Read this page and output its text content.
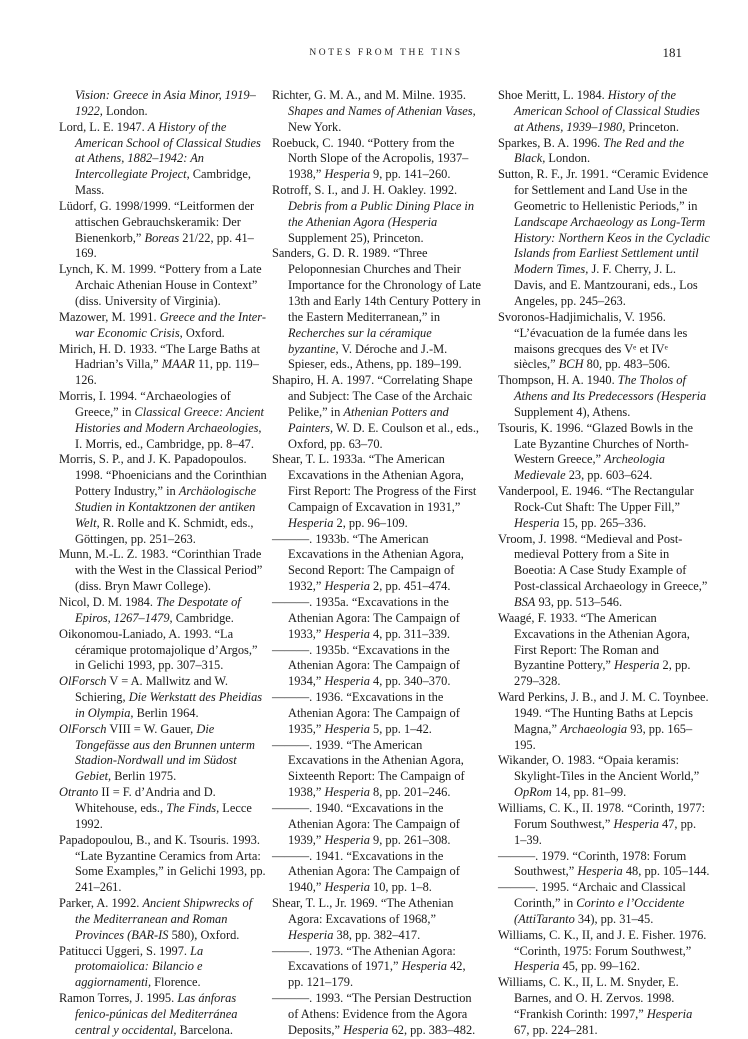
NOTES FROM THE TINS	181

Vision: Greece in Asia Minor, 1919–1922, London.

Lord, L. E. 1947. A History of the American School of Classical Studies at Athens, 1882–1942: An Intercollegiate Project, Cambridge, Mass.

Lüdorf, G. 1998/1999. “Leitformen der attischen Gebrauchskeramik: Der Bienenkorb,” Boreas 21/22, pp. 41–169.

Lynch, K. M. 1999. “Pottery from a Late Archaic Athenian House in Context” (diss. University of Virginia).

Mazower, M. 1991. Greece and the Inter-war Economic Crisis, Oxford.

Mirich, H. D. 1933. “The Large Baths at Hadrian’s Villa,” MAAR 11, pp. 119–126.

Morris, I. 1994. “Archaeologies of Greece,” in Classical Greece: Ancient Histories and Modern Archaeologies, I. Morris, ed., Cambridge, pp. 8–47.

Morris, S. P., and J. K. Papadopoulos. 1998. “Phoenicians and the Corinthian Pottery Industry,” in Archäologische Studien in Kontaktzonen der antiken Welt, R. Rolle and K. Schmidt, eds., Göttingen, pp. 251–263.

Munn, M.-L. Z. 1983. “Corinthian Trade with the West in the Classical Period” (diss. Bryn Mawr College).

Nicol, D. M. 1984. The Despotate of Epiros, 1267–1479, Cambridge.

Oikonomou-Laniado, A. 1993. “La céramique protomajolique d’Argos,” in Gelichi 1993, pp. 307–315.

OlForsch V = A. Mallwitz and W. Schiering, Die Werkstatt des Pheidias in Olympia, Berlin 1964.

OlForsch VIII = W. Gauer, Die Tongefässe aus den Brunnen unterm Stadion-Nordwall und im Südost Gebiet, Berlin 1975.

Otranto II = F. d’Andria and D. Whitehouse, eds., The Finds, Lecce 1992.

Papadopoulou, B., and K. Tsouris. 1993. “Late Byzantine Ceramics from Arta: Some Examples,” in Gelichi 1993, pp. 241–261.

Parker, A. 1992. Ancient Shipwrecks of the Mediterranean and Roman Provinces (BAR-IS 580), Oxford.

Patitucci Uggeri, S. 1997. La protomaiolica: Bilancio e aggiornamenti, Florence.

Ramon Torres, J. 1995. Las ánforas fenico-púnicas del Mediterránea central y occidental, Barcelona.

Richter, G. M. A., and M. Milne. 1935. Shapes and Names of Athenian Vases, New York.

Roebuck, C. 1940. “Pottery from the North Slope of the Acropolis, 1937–1938,” Hesperia 9, pp. 141–260.

Rotroff, S. I., and J. H. Oakley. 1992. Debris from a Public Dining Place in the Athenian Agora (Hesperia Supplement 25), Princeton.

Sanders, G. D. R. 1989. “Three Peloponnesian Churches and Their Importance for the Chronology of Late 13th and Early 14th Century Pottery in the Eastern Mediterranean,” in Recherches sur la céramique byzantine, V. Déroche and J.-M. Spieser, eds., Athens, pp. 189–199.

Shapiro, H. A. 1997. “Correlating Shape and Subject: The Case of the Archaic Pelike,” in Athenian Potters and Painters, W. D. E. Coulson et al., eds., Oxford, pp. 63–70.

Shear, T. L. 1933a. “The American Excavations in the Athenian Agora, First Report: The Progress of the First Campaign of Excavation in 1931,” Hesperia 2, pp. 96–109.

———. 1933b. “The American Excavations in the Athenian Agora, Second Report: The Campaign of 1932,” Hesperia 2, pp. 451–474.

———. 1935a. “Excavations in the Athenian Agora: The Campaign of 1933,” Hesperia 4, pp. 311–339.

———. 1935b. “Excavations in the Athenian Agora: The Campaign of 1934,” Hesperia 4, pp. 340–370.

———. 1936. “Excavations in the Athenian Agora: The Campaign of 1935,” Hesperia 5, pp. 1–42.

———. 1939. “The American Excavations in the Athenian Agora, Sixteenth Report: The Campaign of 1938,” Hesperia 8, pp. 201–246.

———. 1940. “Excavations in the Athenian Agora: The Campaign of 1939,” Hesperia 9, pp. 261–308.

———. 1941. “Excavations in the Athenian Agora: The Campaign of 1940,” Hesperia 10, pp. 1–8.

Shear, T. L., Jr. 1969. “The Athenian Agora: Excavations of 1968,” Hesperia 38, pp. 382–417.

———. 1973. “The Athenian Agora: Excavations of 1971,” Hesperia 42, pp. 121–179.

———. 1993. “The Persian Destruction of Athens: Evidence from the Agora Deposits,” Hesperia 62, pp. 383–482.

Shoe Meritt, L. 1984. History of the American School of Classical Studies at Athens, 1939–1980, Princeton.

Sparkes, B. A. 1996. The Red and the Black, London.

Sutton, R. F., Jr. 1991. “Ceramic Evidence for Settlement and Land Use in the Geometric to Hellenistic Periods,” in Landscape Archaeology as Long-Term History: Northern Keos in the Cycladic Islands from Earliest Settlement until Modern Times, J. F. Cherry, J. L. Davis, and E. Mantzourani, eds., Los Angeles, pp. 245–263.

Svoronos-Hadjimichalis, V. 1956. “L’évacuation de la fumée dans les maisons grecques des Vᵉ et IVᵉ siècles,” BCH 80, pp. 483–506.

Thompson, H. A. 1940. The Tholos of Athens and Its Predecessors (Hesperia Supplement 4), Athens.

Tsouris, K. 1996. “Glazed Bowls in the Late Byzantine Churches of North-Western Greece,” Archeologia Medievale 23, pp. 603–624.

Vanderpool, E. 1946. “The Rectangular Rock-Cut Shaft: The Upper Fill,” Hesperia 15, pp. 265–336.

Vroom, J. 1998. “Medieval and Post-medieval Pottery from a Site in Boeotia: A Case Study Example of Post-classical Archaeology in Greece,” BSA 93, pp. 513–546.

Waagé, F. 1933. “The American Excavations in the Athenian Agora, First Report: The Roman and Byzantine Pottery,” Hesperia 2, pp. 279–328.

Ward Perkins, J. B., and J. M. C. Toynbee. 1949. “The Hunting Baths at Lepcis Magna,” Archaeologia 93, pp. 165–195.

Wikander, O. 1983. “Opaia keramis: Skylight-Tiles in the Ancient World,” OpRom 14, pp. 81–99.

Williams, C. K., II. 1978. “Corinth, 1977: Forum Southwest,” Hesperia 47, pp. 1–39.

———. 1979. “Corinth, 1978: Forum Southwest,” Hesperia 48, pp. 105–144.

———. 1995. “Archaic and Classical Corinth,” in Corinto e l’Occidente (AttiTaranto 34), pp. 31–45.

Williams, C. K., II, and J. E. Fisher. 1976. “Corinth, 1975: Forum Southwest,” Hesperia 45, pp. 99–162.

Williams, C. K., II, L. M. Snyder, E. Barnes, and O. H. Zervos. 1998. “Frankish Corinth: 1997,” Hesperia 67, pp. 224–281.
